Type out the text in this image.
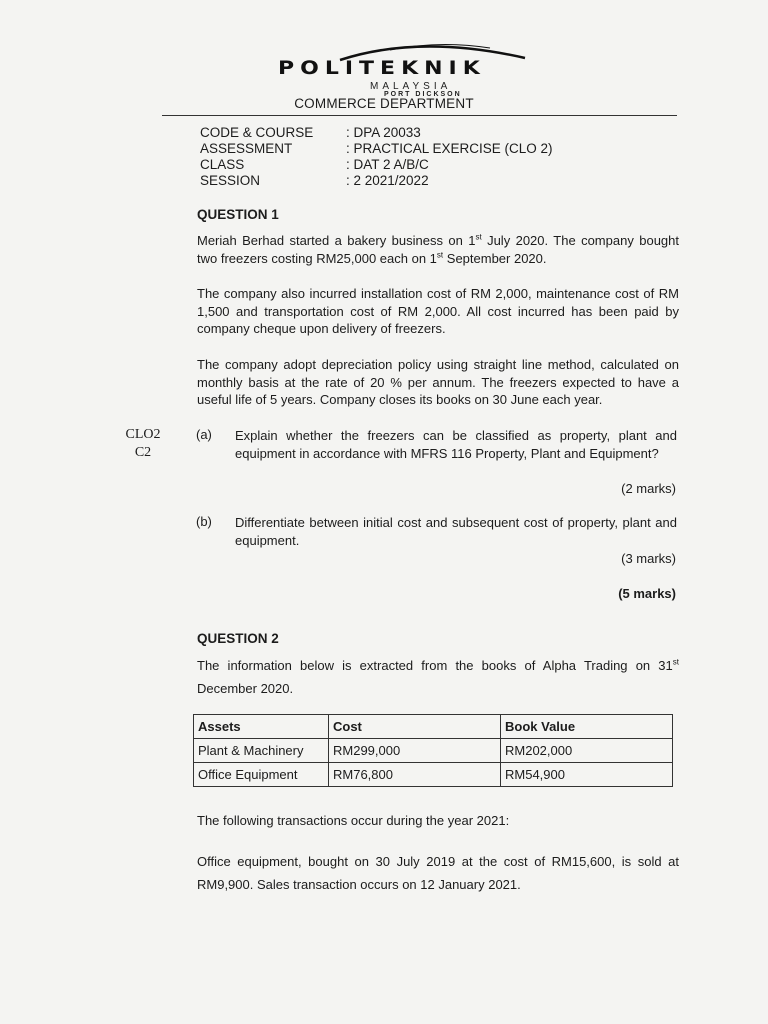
POLITEKNIK
MALAYSIA
PORT DICKSON
COMMERCE DEPARTMENT
CODE & COURSE	: DPA 20033
ASSESSMENT	: PRACTICAL EXERCISE (CLO 2)
CLASS	: DAT 2 A/B/C
SESSION	: 2 2021/2022
QUESTION 1
Meriah Berhad started a bakery business on 1st July 2020. The company bought two freezers costing RM25,000 each on 1st September 2020.
The company also incurred installation cost of RM 2,000, maintenance cost of RM 1,500 and transportation cost of RM 2,000. All cost incurred has been paid by company cheque upon delivery of freezers.
The company adopt depreciation policy using straight line method, calculated on monthly basis at the rate of 20 % per annum. The freezers expected to have a useful life of 5 years. Company closes its books on 30 June each year.
CLO2
C2
(a) Explain whether the freezers can be classified as property, plant and equipment in accordance with MFRS 116 Property, Plant and Equipment?
(2 marks)
(b) Differentiate between initial cost and subsequent cost of property, plant and equipment.
(3 marks)
(5 marks)
QUESTION 2
The information below is extracted from the books of Alpha Trading on 31st December 2020.
Assets	Cost	Book Value
Plant & Machinery	RM299,000	RM202,000
Office Equipment	RM76,800	RM54,900
The following transactions occur during the year 2021:
Office equipment, bought on 30 July 2019 at the cost of RM15,600, is sold at RM9,900. Sales transaction occurs on 12 January 2021.
